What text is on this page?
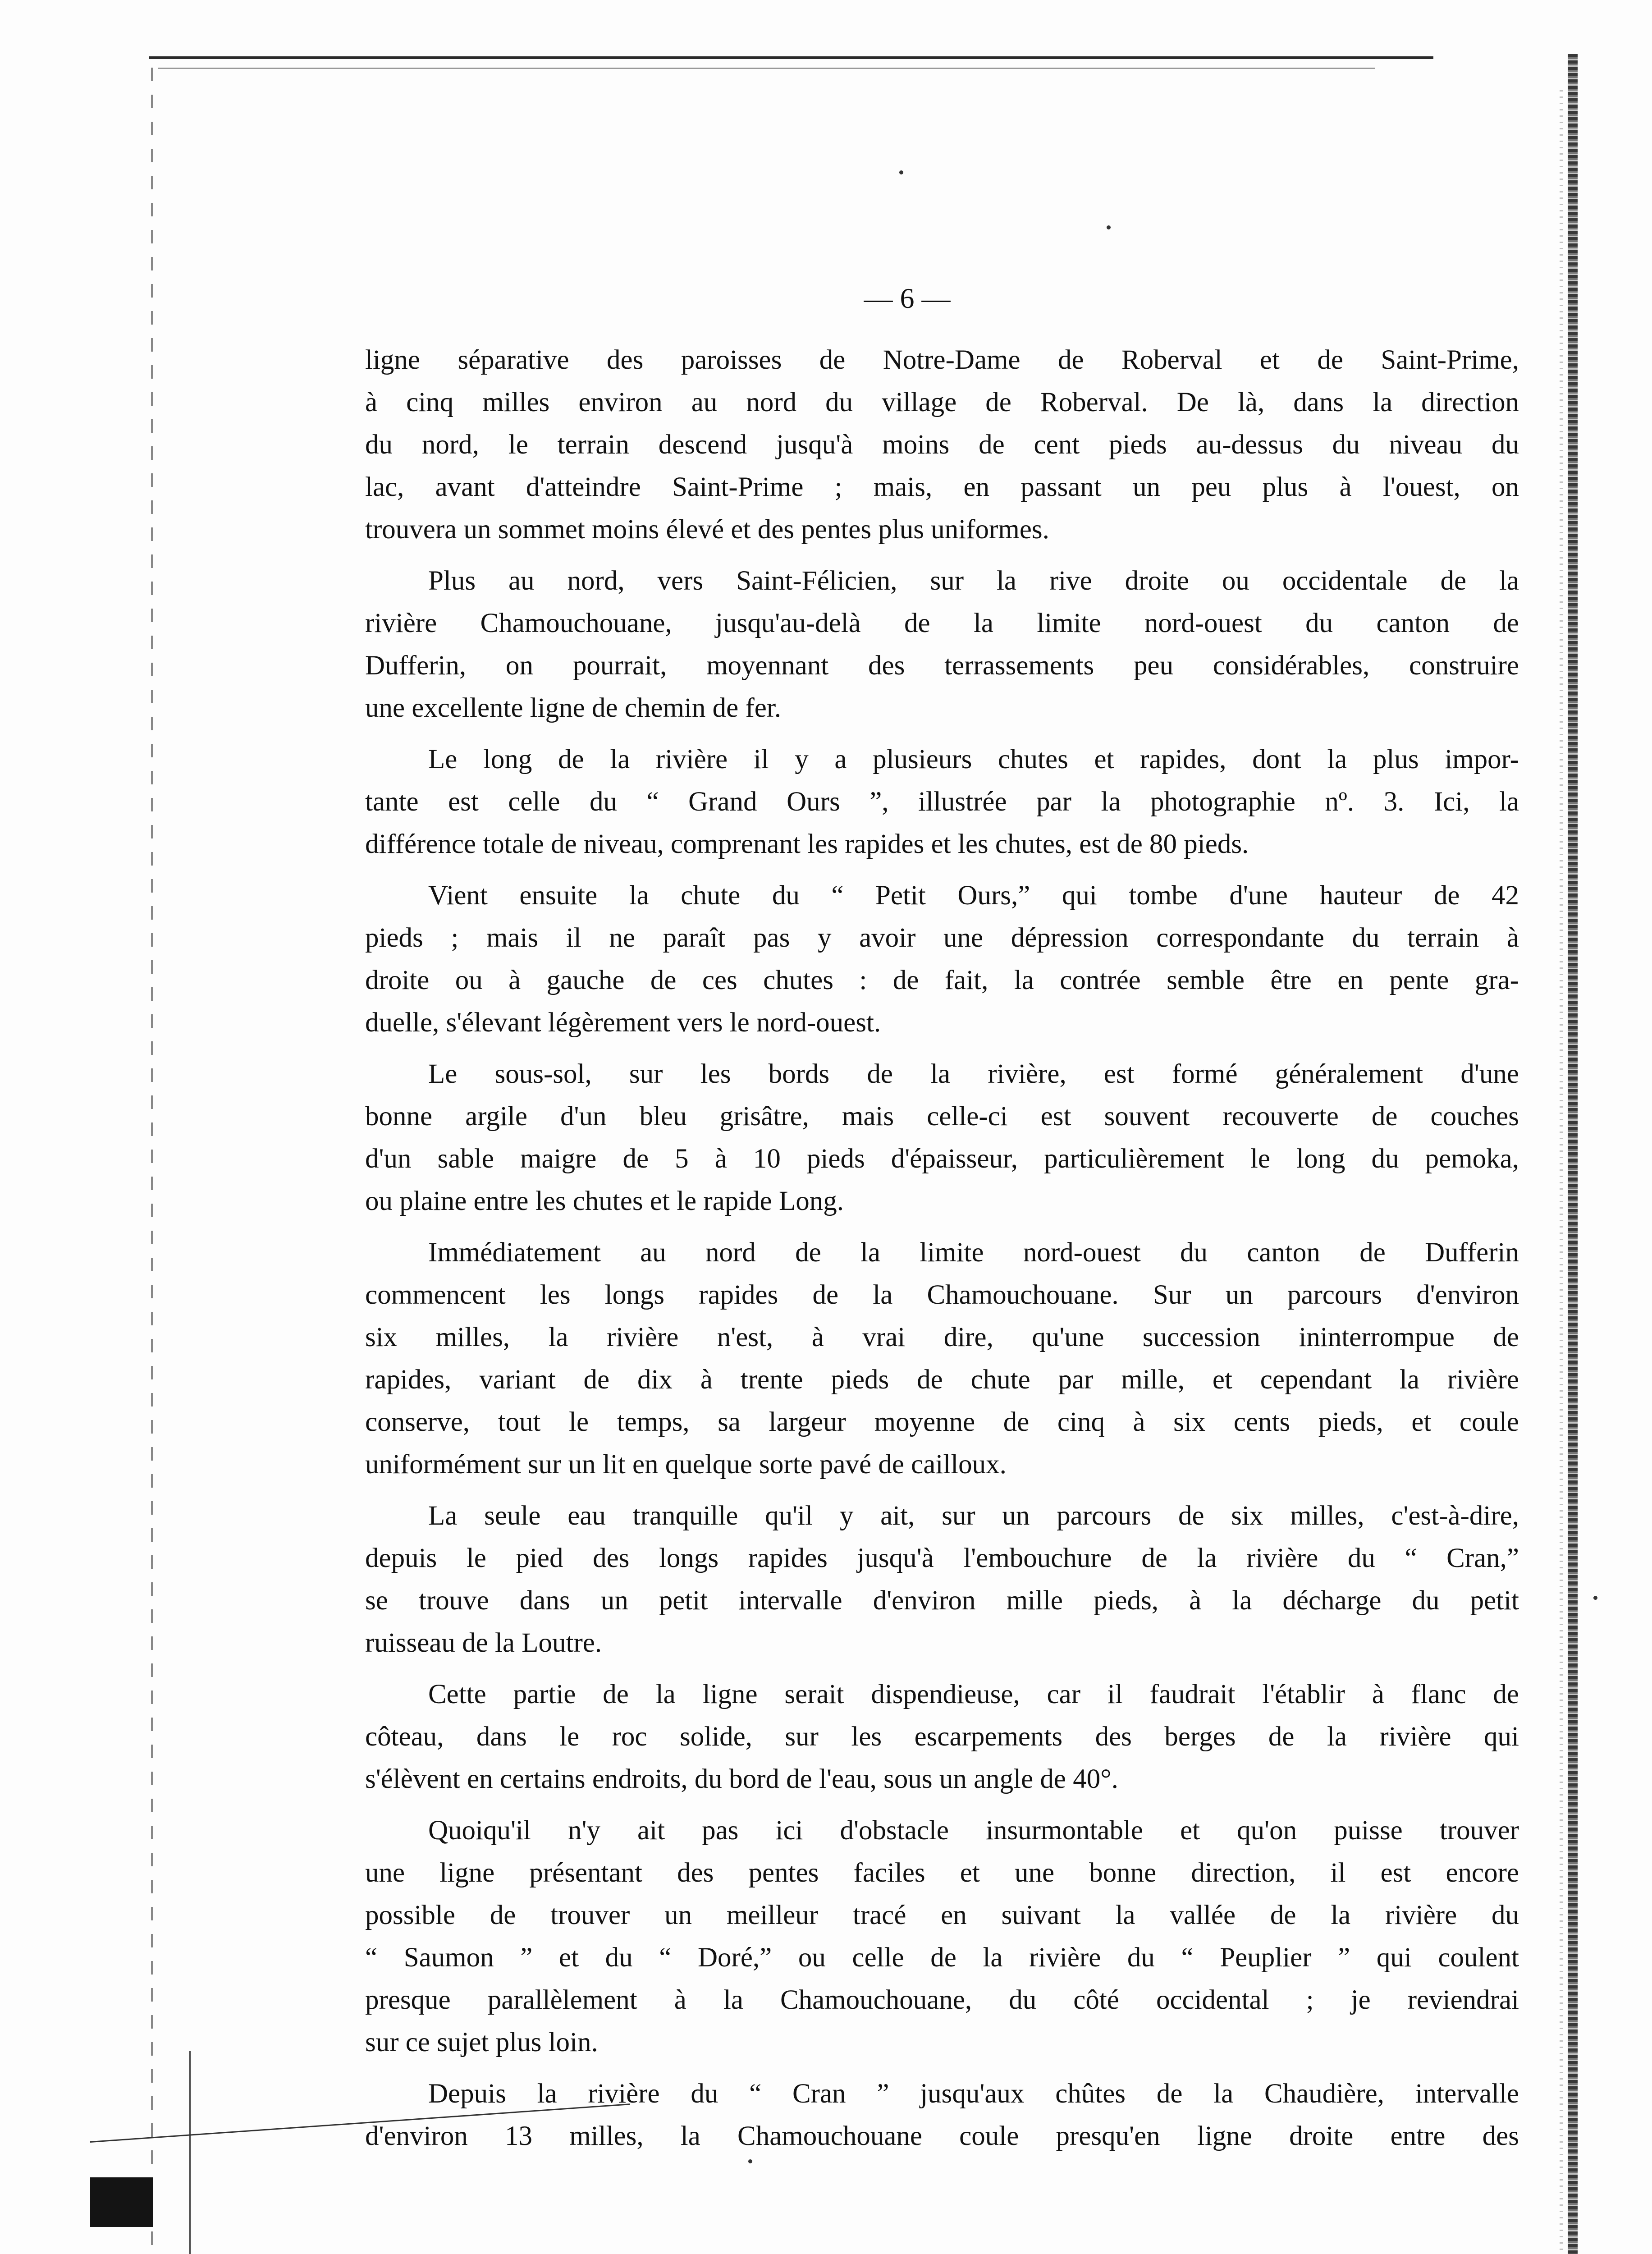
— 6 —

ligne séparative des paroisses de Notre-Dame de Roberval et de Saint-Prime,
à cinq milles environ au nord du village de Roberval. De là, dans la direction
du nord, le terrain descend jusqu'à moins de cent pieds au-dessus du niveau du
lac, avant d'atteindre Saint-Prime ; mais, en passant un peu plus à l'ouest, on
trouvera un sommet moins élevé et des pentes plus uniformes.

Plus au nord, vers Saint-Félicien, sur la rive droite ou occidentale de la
rivière Chamouchouane, jusqu'au-delà de la limite nord-ouest du canton de
Dufferin, on pourrait, moyennant des terrassements peu considérables, construire
une excellente ligne de chemin de fer.

Le long de la rivière il y a plusieurs chutes et rapides, dont la plus impor-
tante est celle du “ Grand Ours ”, illustrée par la photographie nº. 3. Ici, la
différence totale de niveau, comprenant les rapides et les chutes, est de 80 pieds.

Vient ensuite la chute du “ Petit Ours,” qui tombe d'une hauteur de 42
pieds ; mais il ne paraît pas y avoir une dépression correspondante du terrain à
droite ou à gauche de ces chutes : de fait, la contrée semble être en pente gra-
duelle, s'élevant légèrement vers le nord-ouest.

Le sous-sol, sur les bords de la rivière, est formé généralement d'une
bonne argile d'un bleu grisâtre, mais celle-ci est souvent recouverte de couches
d'un sable maigre de 5 à 10 pieds d'épaisseur, particulièrement le long du pemoka,
ou plaine entre les chutes et le rapide Long.

Immédiatement au nord de la limite nord-ouest du canton de Dufferin
commencent les longs rapides de la Chamouchouane. Sur un parcours d'environ
six milles, la rivière n'est, à vrai dire, qu'une succession ininterrompue de
rapides, variant de dix à trente pieds de chute par mille, et cependant la rivière
conserve, tout le temps, sa largeur moyenne de cinq à six cents pieds, et coule
uniformément sur un lit en quelque sorte pavé de cailloux.

La seule eau tranquille qu'il y ait, sur un parcours de six milles, c'est-à-dire,
depuis le pied des longs rapides jusqu'à l'embouchure de la rivière du “ Cran,”
se trouve dans un petit intervalle d'environ mille pieds, à la décharge du petit
ruisseau de la Loutre.

Cette partie de la ligne serait dispendieuse, car il faudrait l'établir à flanc de
côteau, dans le roc solide, sur les escarpements des berges de la rivière qui
s'élèvent en certains endroits, du bord de l'eau, sous un angle de 40°.

Quoiqu'il n'y ait pas ici d'obstacle insurmontable et qu'on puisse trouver
une ligne présentant des pentes faciles et une bonne direction, il est encore
possible de trouver un meilleur tracé en suivant la vallée de la rivière du
“ Saumon ” et du “ Doré,” ou celle de la rivière du “ Peuplier ” qui coulent
presque parallèlement à la Chamouchouane, du côté occidental ; je reviendrai
sur ce sujet plus loin.

Depuis la rivière du “ Cran ” jusqu'aux chûtes de la Chaudière, intervalle
d'environ 13 milles, la Chamouchouane coule presqu'en ligne droite entre des
